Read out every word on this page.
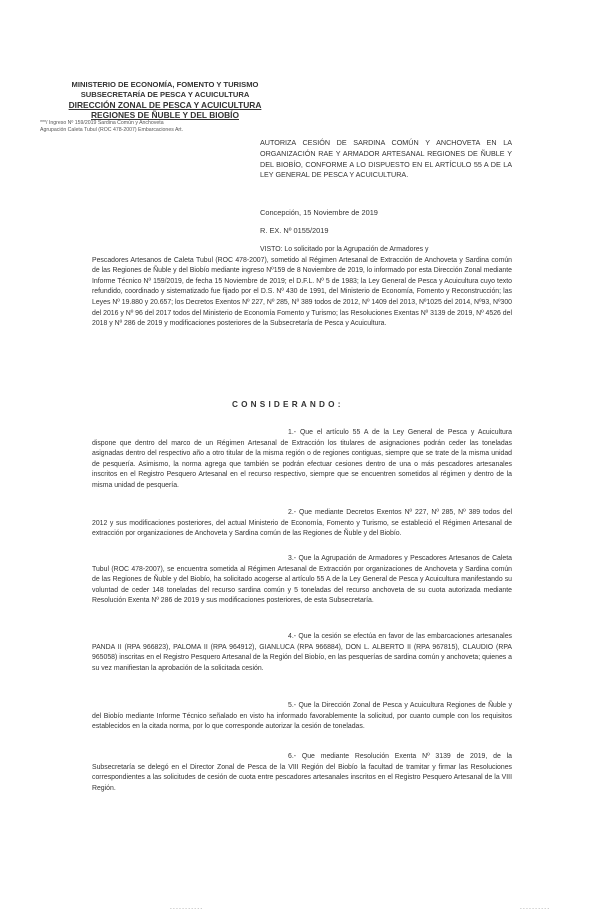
MINISTERIO DE ECONOMÍA, FOMENTO Y TURISMO
SUBSECRETARÍA DE PESCA Y ACUICULTURA
DIRECCIÓN ZONAL DE PESCA Y ACUICULTURA
REGIONES DE ÑUBLE Y DEL BIOBÍO
***/ Ingreso Nº 159/2019 Sardina Común y Anchoveta
Agrupación Caleta Tubul (ROC 478-2007) Embarcaciones Art.
AUTORIZA CESIÓN DE SARDINA COMÚN Y ANCHOVETA EN LA ORGANIZACIÓN RAE Y ARMADOR ARTESANAL REGIONES DE ÑUBLE Y DEL BIOBÍO, CONFORME A LO DISPUESTO EN EL ARTÍCULO 55 A DE LA LEY GENERAL DE PESCA Y ACUICULTURA.
Concepción, 15 Noviembre de 2019
R. EX. Nº 0155/2019
VISTO: Lo solicitado por la Agrupación de Armadores y
Pescadores Artesanos de Caleta Tubul (ROC 478-2007), sometido al Régimen Artesanal de Extracción de Anchoveta y Sardina común de las Regiones de Ñuble y del Biobío mediante ingreso Nº159 de 8 Noviembre de 2019, lo informado por esta Dirección Zonal mediante Informe Técnico Nº 159/2019, de fecha 15 Noviembre de 2019; el D.F.L. Nº 5 de 1983; la Ley General de Pesca y Acuicultura cuyo texto refundido, coordinado y sistematizado fue fijado por el D.S. Nº 430 de 1991, del Ministerio de Economía, Fomento y Reconstrucción; las Leyes Nº 19.880 y 20.657; los Decretos Exentos Nº 227, Nº 285, Nº 389 todos de 2012, Nº 1409 del 2013, Nº1025 del 2014, Nº93, Nº300 del 2016 y Nº 96 del 2017 todos del Ministerio de Economía Fomento y Turismo; las Resoluciones Exentas Nº 3139 de 2019, Nº 4526 del 2018 y Nº 286 de 2019 y modificaciones posteriores de la Subsecretaría de Pesca y Acuicultura.
CONSIDERANDO:
1.- Que el artículo 55 A de la Ley General de Pesca y Acuicultura dispone que dentro del marco de un Régimen Artesanal de Extracción los titulares de asignaciones podrán ceder las toneladas asignadas dentro del respectivo año a otro titular de la misma región o de regiones contiguas, siempre que se trate de la misma unidad de pesquería. Asimismo, la norma agrega que también se podrán efectuar cesiones dentro de una o más pescadores artesanales inscritos en el Registro Pesquero Artesanal en el recurso respectivo, siempre que se encuentren sometidos al régimen y dentro de la misma unidad de pesquería.
2.- Que mediante Decretos Exentos Nº 227, Nº 285, Nº 389 todos del 2012 y sus modificaciones posteriores, del actual Ministerio de Economía, Fomento y Turismo, se estableció el Régimen Artesanal de extracción por organizaciones de Anchoveta y Sardina común de las Regiones de Ñuble y del Biobío.
3.- Que la Agrupación de Armadores y Pescadores Artesanos de Caleta Tubul (ROC 478-2007), se encuentra sometida al Régimen Artesanal de Extracción por organizaciones de Anchoveta y Sardina común de las Regiones de Ñuble y del Biobío, ha solicitado acogerse al artículo 55 A de la Ley General de Pesca y Acuicultura manifestando su voluntad de ceder 148 toneladas del recurso sardina común y 5 toneladas del recurso anchoveta de su cuota autorizada mediante Resolución Exenta Nº 286 de 2019 y sus modificaciones posteriores, de esta Subsecretaría.
4.- Que la cesión se efectúa en favor de las embarcaciones artesanales PANDA II (RPA 966823), PALOMA II (RPA 964912), GIANLUCA (RPA 966884), DON L. ALBERTO II (RPA 967815), CLAUDIO (RPA 965058) inscritas en el Registro Pesquero Artesanal de la Región del Biobío, en las pesquerías de sardina común y anchoveta; quienes a su vez manifiestan la aprobación de la solicitada cesión.
5.- Que la Dirección Zonal de Pesca y Acuicultura Regiones de Ñuble y del Biobío mediante Informe Técnico señalado en visto ha informado favorablemente la solicitud, por cuanto cumple con los requisitos establecidos en la citada norma, por lo que corresponde autorizar la cesión de toneladas.
6.- Que mediante Resolución Exenta Nº 3139 de 2019, de la Subsecretaría se delegó en el Director Zonal de Pesca de la VIII Región del Biobío la facultad de tramitar y firmar las Resoluciones correspondientes a las solicitudes de cesión de cuota entre pescadores artesanales inscritos en el Registro Pesquero Artesanal de la VIII Región.
- - - - - - - - - - -	- - - - - - - - - -
